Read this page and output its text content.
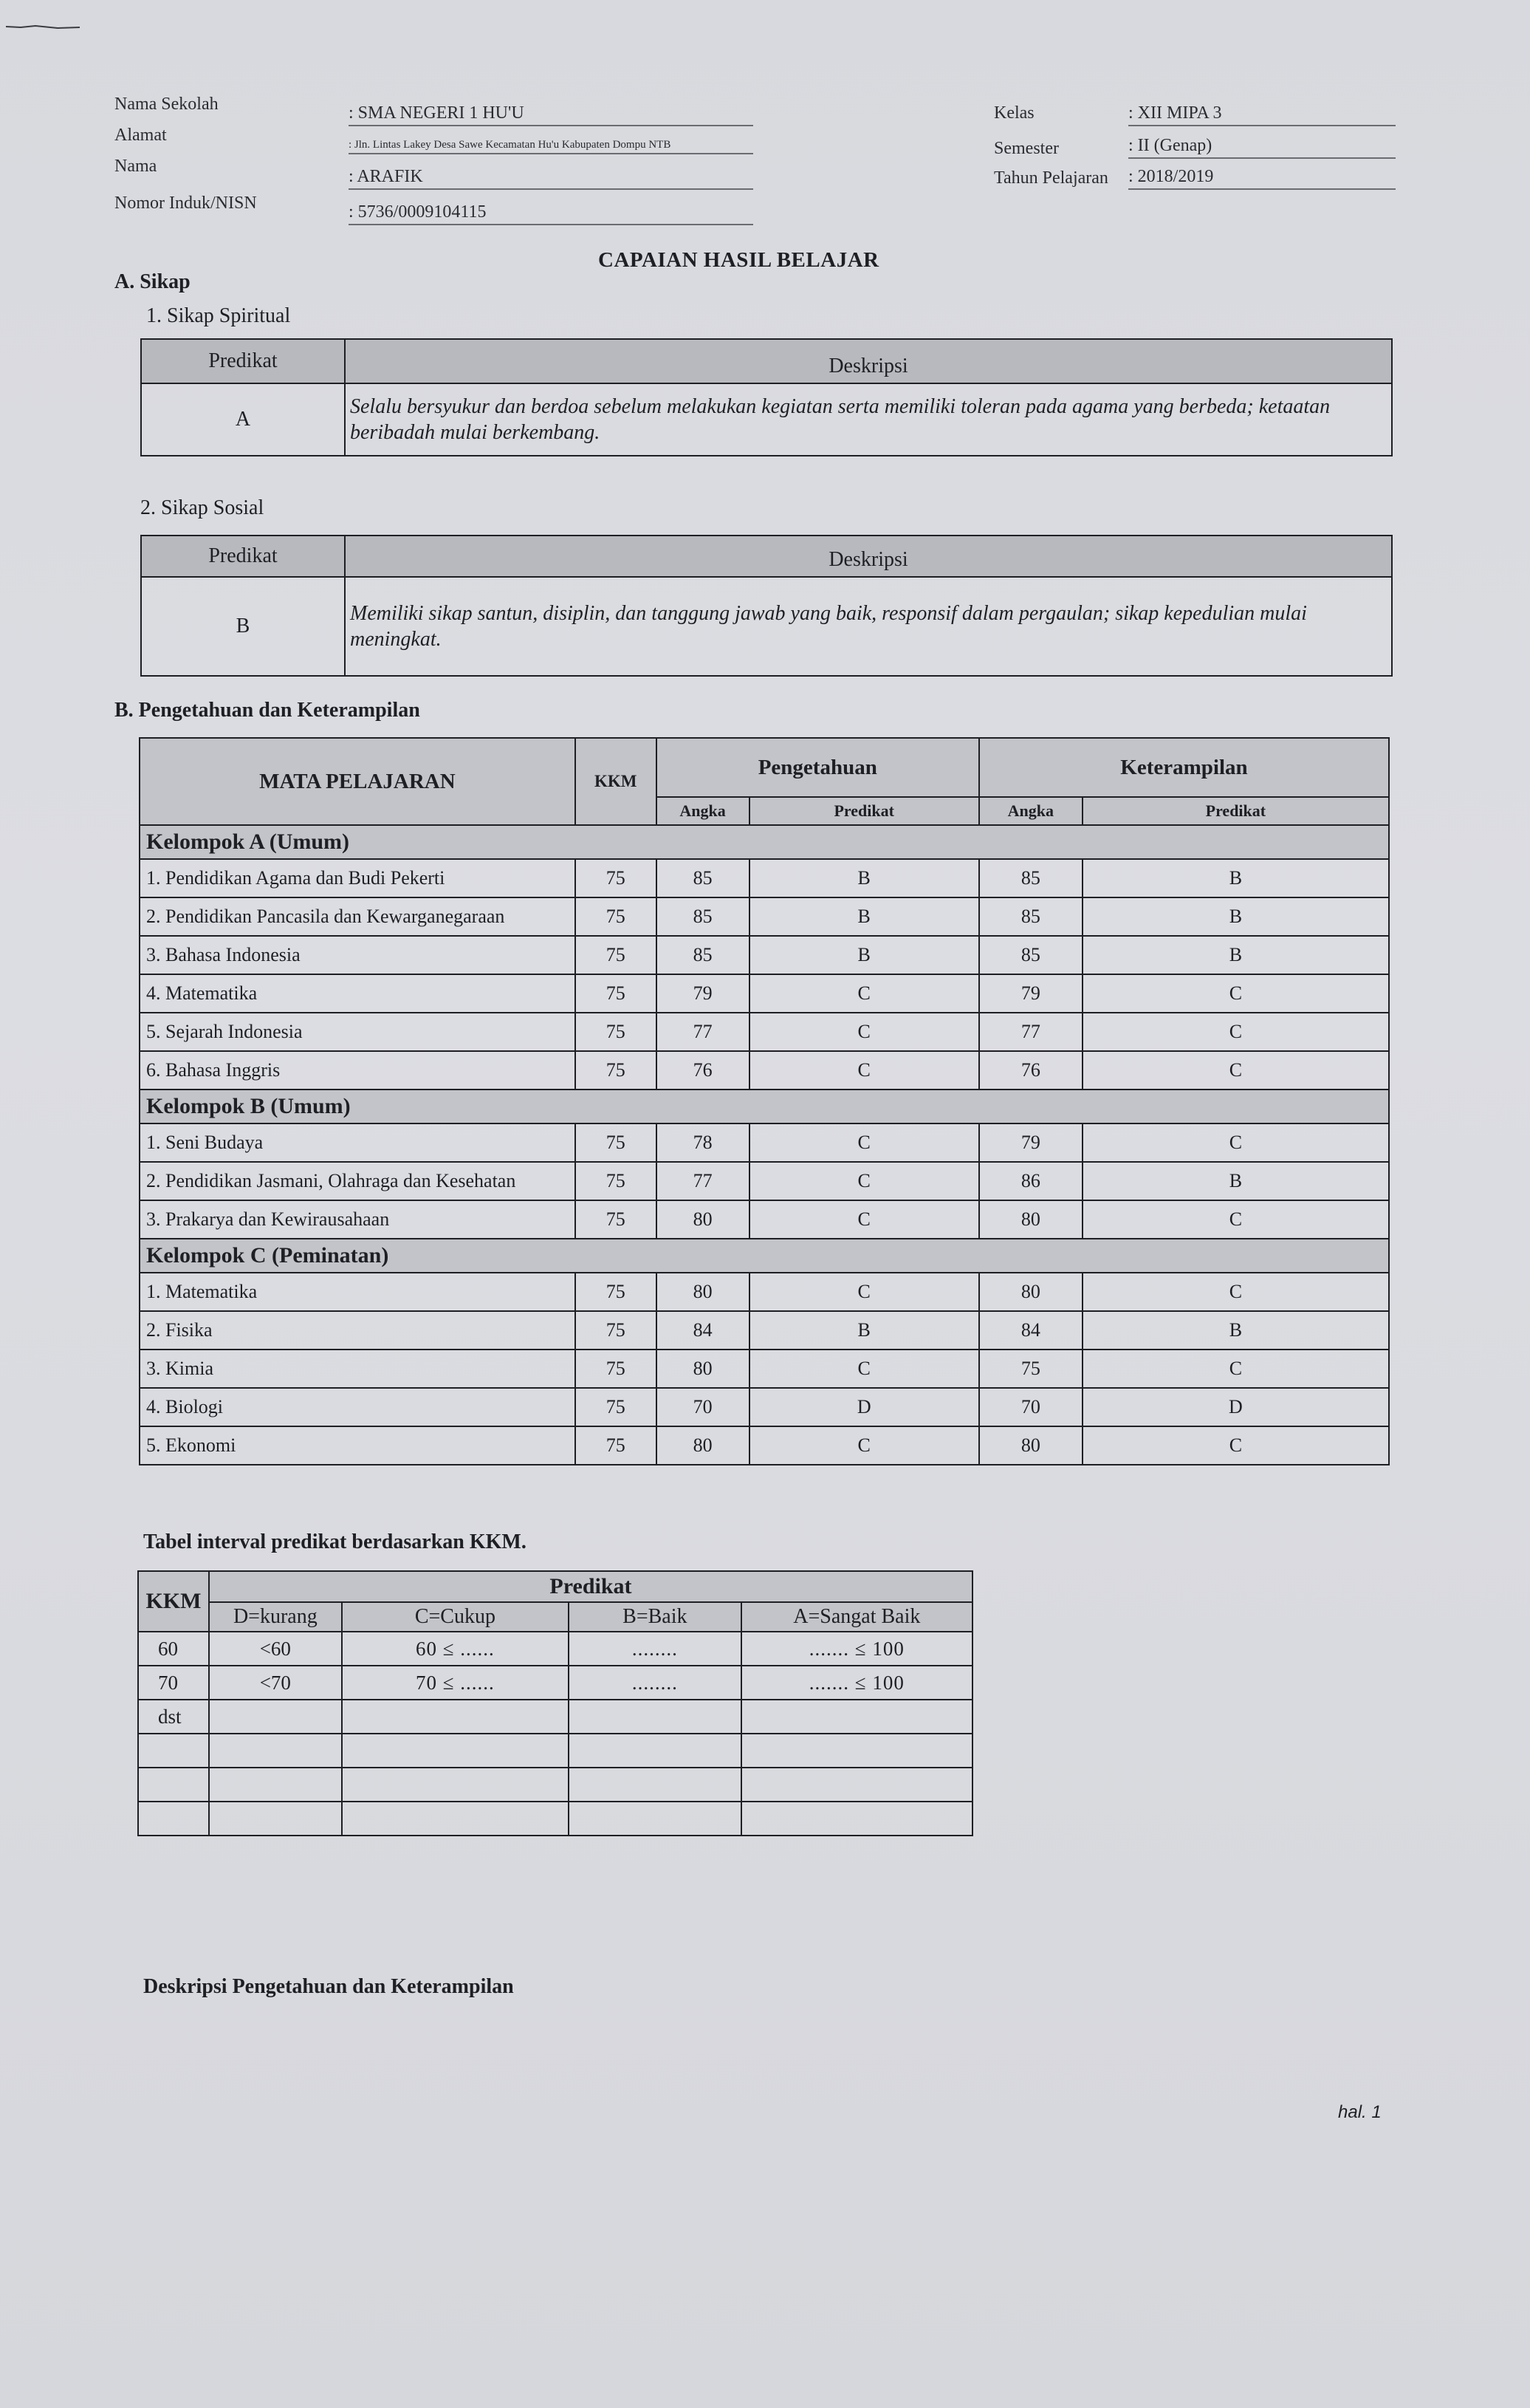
Nama Sekolah	: SMA NEGERI 1 HU'U
Alamat	: Jln. Lintas Lakey Desa Sawe Kecamatan Hu'u Kabupaten Dompu NTB
Nama
: ARAFIK
Nomor Induk/NISN	: 5736/0009104115
Kelas	: XII MIPA 3
Semester	: II (Genap)
Tahun Pelajaran : 2018/2019
CAPAIAN HASIL BELAJAR
A. Sikap
1. Sikap Spiritual
Predikat	Deskripsi
A	Selalu bersyukur dan berdoa sebelum melakukan kegiatan serta memiliki toleran pada agama yang berbeda; ketaatan beribadah mulai berkembang.
2. Sikap Sosial
Predikat	Deskripsi
B	Memiliki sikap santun, disiplin, dan tanggung jawab yang baik, responsif dalam pergaulan; sikap kepedulian mulai meningkat.
B. Pengetahuan dan Keterampilan
MATA PELAJARAN	KKM	Pengetahuan		Keterampilan	
		Angka	Predikat	Angka	Predikat
Kelompok A (Umum)					
1. Pendidikan Agama dan Budi Pekerti	75	85	B	85	B
2. Pendidikan Pancasila dan Kewarganegaraan	75	85	B	85	B
3. Bahasa Indonesia	75	85	B	85	B
4. Matematika	75	79	C	79	C
5. Sejarah Indonesia	75	77	C	77	C
6. Bahasa Inggris	75	76	C	76	C
Kelompok B (Umum)					
1. Seni Budaya	75	78	C	79	C
2. Pendidikan Jasmani, Olahraga dan Kesehatan	75	77	C	86	B
3. Prakarya dan Kewirausahaan	75	80	C	80	C
Kelompok C (Peminatan)					
1. Matematika	75	80	C	80	C
2. Fisika	75	84	B	84	B
3. Kimia	75	80	C	75	C
4. Biologi	75	70	D	70	D
5. Ekonomi	75	80	C	80	C
Tabel interval predikat berdasarkan KKM.
KKM	Predikat			
	D=kurang	C=Cukup	B=Baik	A=Sangat Baik
60	<60	60 ≤ ......	........	....... ≤ 100
70	<70	70 ≤ ......	........	....... ≤ 100
dst				

Deskripsi Pengetahuan dan Keterampilan
hal. 1
